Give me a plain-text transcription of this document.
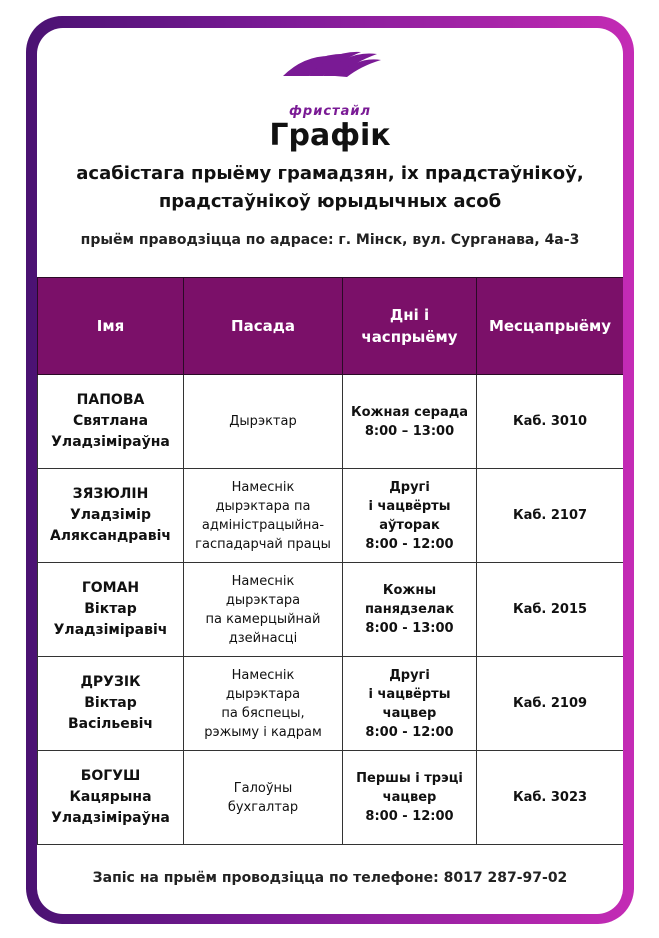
фристайл
Графік
асабістага прыёму грамадзян, іх прадстаўнікоў,
прадстаўнікоў юрыдычных асоб
прыём праводзіцца по адрасе: г. Мінск, вул. Сурганава, 4а-3
Імя	Пасада	Дні і часпрыёму	Месцапрыёму

ПАПОВА
Святлана
Уладзіміраўна	Дырэктар	Кожная серада
8:00 – 13:00	Каб. 3010

ЗЯЗЮЛІН
Уладзімір
Аляксандравіч	Намеснік
дырэктара па
адміністрацыйна-
гаспадарчай працы	Другі
і чацвёрты
аўторак
8:00 - 12:00	Каб. 2107

ГОМАН
Віктар
Уладзіміравіч	Намеснік
дырэктара
па камерцыйнай
дзейнасці	Кожны
панядзелак
8:00 - 13:00	Каб. 2015

ДРУЗІК
Віктар
Васільевіч	Намеснік
дырэктара
па бяспецы,
рэжыму і кадрам	Другі
і чацвёрты
чацвер
8:00 - 12:00	Каб. 2109

БОГУШ
Кацярына
Уладзіміраўна	Галоўны
бухгалтар	Першы і трэці
чацвер
8:00 - 12:00	Каб. 3023
Запіс на прыём проводзіцца по телефоне: 8017 287-97-02
